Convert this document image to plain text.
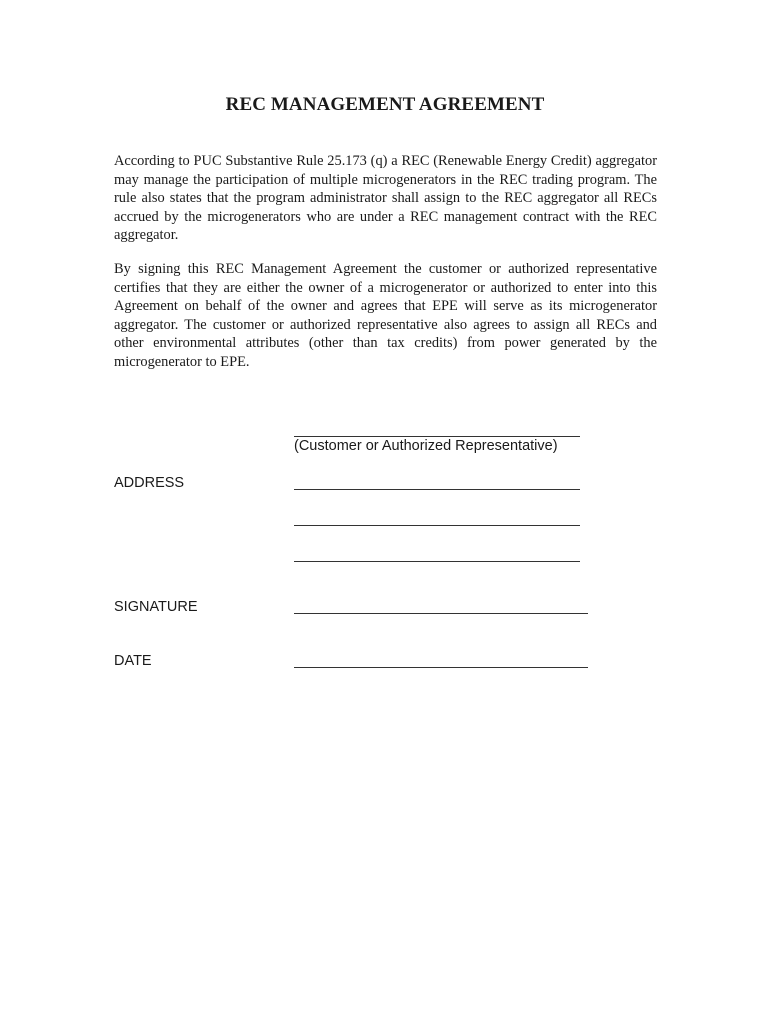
REC MANAGEMENT AGREEMENT

According to PUC Substantive Rule 25.173 (q) a REC (Renewable Energy Credit) aggregator may manage the participation of multiple microgenerators in the REC trading program. The rule also states that the program administrator shall assign to the REC aggregator all RECs accrued by the microgenerators who are under a REC management contract with the REC aggregator.

By signing this REC Management Agreement the customer or authorized representative certifies that they are either the owner of a microgenerator or authorized to enter into this Agreement on behalf of the owner and agrees that EPE will serve as its microgenerator aggregator. The customer or authorized representative also agrees to assign all RECs and other environmental attributes (other than tax credits) from power generated by the microgenerator to EPE.

(Customer or Authorized Representative)

ADDRESS

SIGNATURE

DATE
